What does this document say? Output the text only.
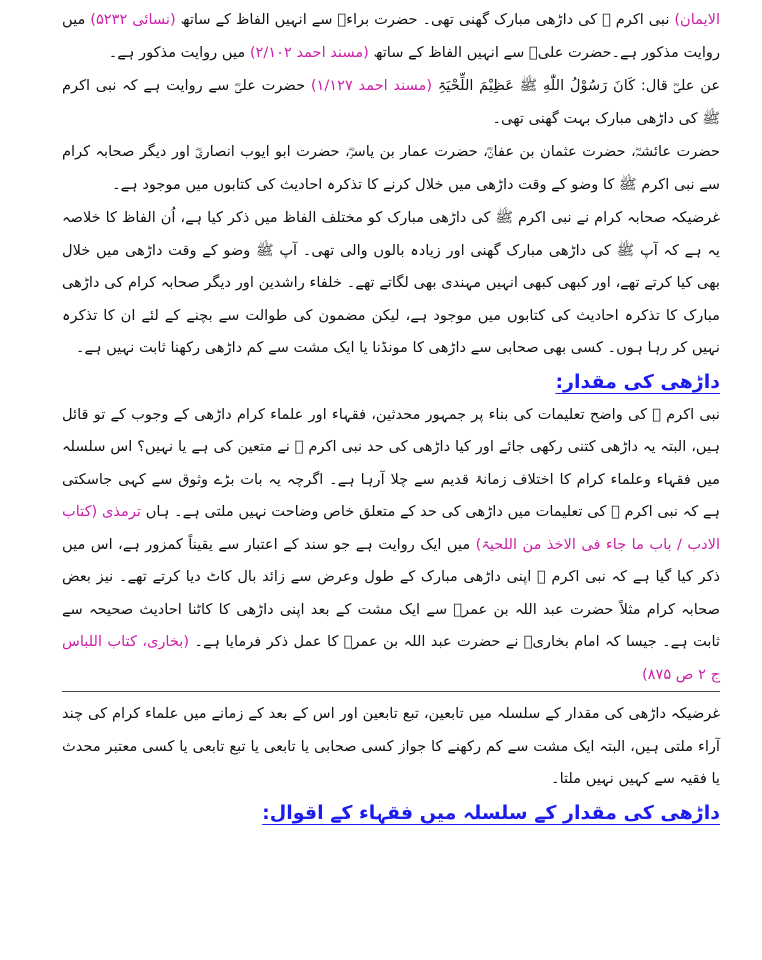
الایمان) نبی اکرم ﷺ کی داڑھی مبارک گھنی تھی۔ حضرت براءؓ سے انہیں الفاظ کے ساتھ (نسائی ۵۲۳۲) میں روایت مذکور ہے۔حضرت علیؓ سے انہیں الفاظ کے ساتھ (مسند احمد ۲/۱۰۲) میں روایت مذکور ہے۔

عن علیؓ قال: کَانَ رَسُوْلُ اللّٰهِ ﷺ عَظِیْمَ اللِّحْیَۃِ (مسند احمد ۱/۱۲۷) حضرت علیؓ سے روایت ہے کہ نبی اکرم ﷺ کی داڑھی مبارک بہت گھنی تھی۔

حضرت عائشہؓ، حضرت عثمان بن عفانؓ، حضرت عمار بن یاسرؓ، حضرت ابو ایوب انصاریؓ اور دیگر صحابہ کرام سے نبی اکرم ﷺ کا وضو کے وقت داڑھی میں خلال کرنے کا تذکرہ احادیث کی کتابوں میں موجود ہے۔

غرضیکہ صحابہ کرام نے نبی اکرم ﷺ کی داڑھی مبارک کو مختلف الفاظ میں ذکر کیا ہے، اُن الفاظ کا خلاصہ یہ ہے کہ آپ ﷺ کی داڑھی مبارک گھنی اور زیادہ بالوں والی تھی۔ آپ ﷺ وضو کے وقت داڑھی میں خلال بھی کیا کرتے تھے، اور کبھی کبھی انہیں مہندی بھی لگاتے تھے۔ خلفاء راشدین اور دیگر صحابہ کرام کی داڑھی مبارک کا تذکرہ احادیث کی کتابوں میں موجود ہے، لیکن مضمون کی طوالت سے بچنے کے لئے ان کا تذکرہ نہیں کر رہا ہوں۔ کسی بھی صحابی سے داڑھی کا مونڈنا یا ایک مشت سے کم داڑھی رکھنا ثابت نہیں ہے۔

داڑھی کی مقدار:

نبی اکرم ﷺ کی واضح تعلیمات کی بناء پر جمہور محدثین، فقہاء اور علماء کرام داڑھی کے وجوب کے تو قائل ہیں، البتہ یہ داڑھی کتنی رکھی جائے اور کیا داڑھی کی حد نبی اکرم ﷺ نے متعین کی ہے یا نہیں؟ اس سلسلہ میں فقہاء وعلماء کرام کا اختلاف زمانۂ قدیم سے چلا آرہا ہے۔ اگرچہ یہ بات بڑے وثوق سے کہی جاسکتی ہے کہ نبی اکرم ﷺ کی تعلیمات میں داڑھی کی حد کے متعلق خاص وضاحت نہیں ملتی ہے۔ ہاں ترمذی (کتاب الادب / باب ما جاء فی الاخذ من اللحیۃ) میں ایک روایت ہے جو سند کے اعتبار سے یقیناً کمزور ہے، اس میں ذکر کیا گیا ہے کہ نبی اکرم ﷺ اپنی داڑھی مبارک کے طول وعرض سے زائد بال کاٹ دیا کرتے تھے۔ نیز بعض صحابہ کرام مثلاً حضرت عبد اللہ بن عمرؓ سے ایک مشت کے بعد اپنی داڑھی کا کاٹنا احادیث صحیحہ سے ثابت ہے۔ جیسا کہ امام بخاریؒ نے حضرت عبد اللہ بن عمرؓ کا عمل ذکر فرمایا ہے۔ (بخاری، کتاب اللباس ج ۲ ص ۸۷۵)

غرضیکہ داڑھی کی مقدار کے سلسلہ میں تابعین، تبع تابعین اور اس کے بعد کے زمانے میں علماء کرام کی چند آراء ملتی ہیں، البتہ ایک مشت سے کم رکھنے کا جواز کسی صحابی یا تابعی یا تبع تابعی یا کسی معتبر محدث یا فقیہ سے کہیں نہیں ملتا۔

داڑھی کی مقدار کے سلسلہ میں فقہاء کے اقوال:
